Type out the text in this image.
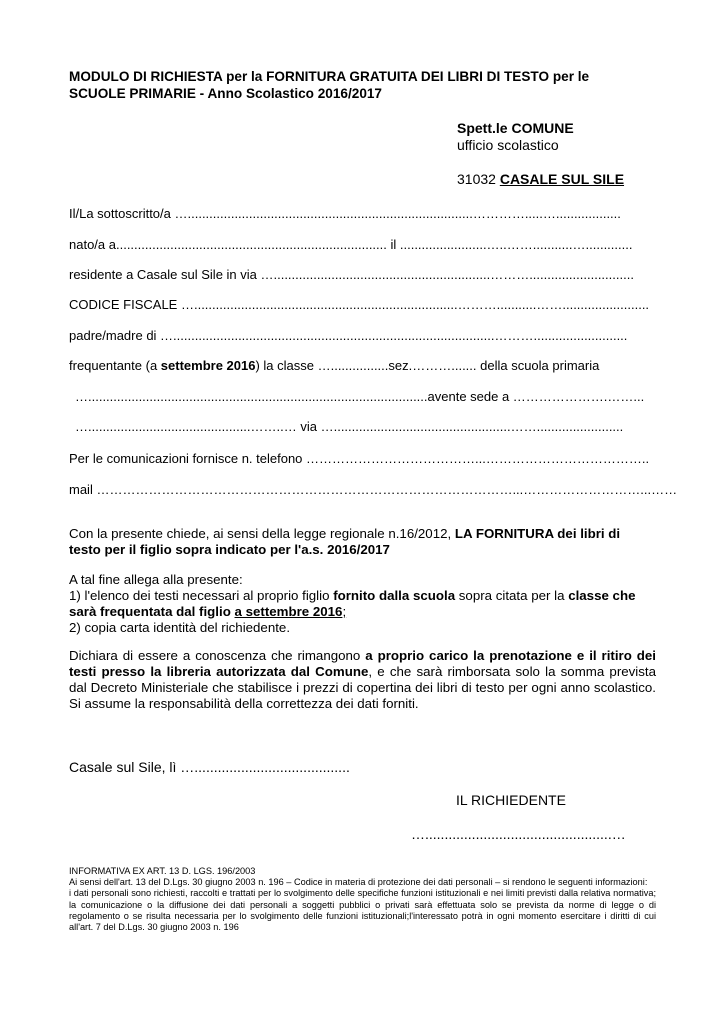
MODULO DI RICHIESTA per la FORNITURA GRATUITA DEI LIBRI DI TESTO per le
SCUOLE PRIMARIE - Anno Scolastico 2016/2017
Spett.le COMUNE
ufficio scolastico
31032 CASALE SUL SILE
Il/La sottoscritto/a …...............................................................................………….....…..................
nato/a a........................................................................... il ........................…..……...........….............
residente a Casale sul Sile in via …............................................................……….............................
CODICE FISCALE ….........................................................................………...........……........................
padre/madre di ….........................................................................................………..........................
frequentante (a settembre 2016) la classe …................sez.………....... della scuola primaria
…..............................................................................................avente sede a ………………….……...
….............................................……..… via ….................................................……........................
Per le comunicazioni fornisce n. telefono …………………………………...………………………………..
mail ……………………………………………………………………………………...………………………...……
Con la presente chiede, ai sensi della legge regionale n.16/2012, LA FORNITURA dei libri di
testo per il figlio sopra indicato per l'a.s. 2016/2017
A tal fine allega alla presente:
1) l'elenco dei testi necessari al proprio figlio fornito dalla scuola sopra citata per la classe che
sarà frequentata dal figlio a settembre 2016;
2) copia carta identità del richiedente.
Dichiara di essere a conoscenza che rimangono a proprio carico la prenotazione e il ritiro dei testi presso la libreria autorizzata dal Comune, e che sarà rimborsata solo la somma prevista dal Decreto Ministeriale che stabilisce i prezzi di copertina dei libri di testo per ogni anno scolastico. Si assume la responsabilità della correttezza dei dati forniti.
Casale sul Sile, lì …........................................
IL RICHIEDENTE
…................................................…
INFORMATIVA EX ART. 13 D. LGS. 196/2003
Ai sensi dell'art. 13 del D.Lgs. 30 giugno 2003 n. 196 – Codice in materia di protezione dei dati personali – si rendono le seguenti informazioni:
i dati personali sono richiesti, raccolti e trattati per lo svolgimento delle specifiche funzioni istituzionali e nei limiti previsti dalla relativa normativa; la comunicazione o la diffusione dei dati personali a soggetti pubblici o privati sarà effettuata solo se prevista da norme di legge o di regolamento o se risulta necessaria per lo svolgimento delle funzioni istituzionali;l'interessato potrà in ogni momento esercitare i diritti di cui all'art. 7 del D.Lgs. 30 giugno 2003 n. 196
